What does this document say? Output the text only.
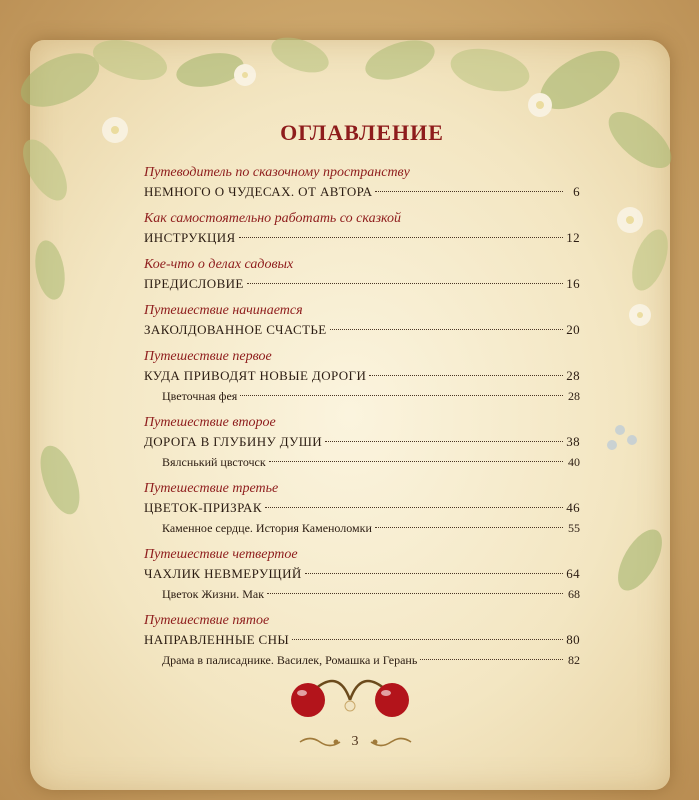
ОГЛАВЛЕНИЕ
Путеводитель по сказочному пространству
НЕМНОГО О ЧУДЕСАХ. ОТ АВТОРА	6
Как самостоятельно работать со сказкой
ИНСТРУКЦИЯ	12
Кое-что о делах садовых
ПРЕДИСЛОВИЕ	16
Путешествие начинается
ЗАКОЛДОВАННОЕ СЧАСТЬЕ	20
Путешествие первое
КУДА ПРИВОДЯТ НОВЫЕ ДОРОГИ	28
Цветочная фея	28
Путешествие второе
ДОРОГА В ГЛУБИНУ ДУШИ	38
Вялснький цвсточск	40
Путешествие третье
ЦВЕТОК-ПРИЗРАК	46
Каменное сердце. История Каменоломки	55
Путешествие четвертое
ЧАХЛИК НЕВМЕРУЩИЙ	64
Цветок Жизни. Мак	68
Путешествие пятое
НАПРАВЛЕННЫЕ СНЫ	80
Драма в палисаднике. Василек, Ромашка и Герань	82
3
